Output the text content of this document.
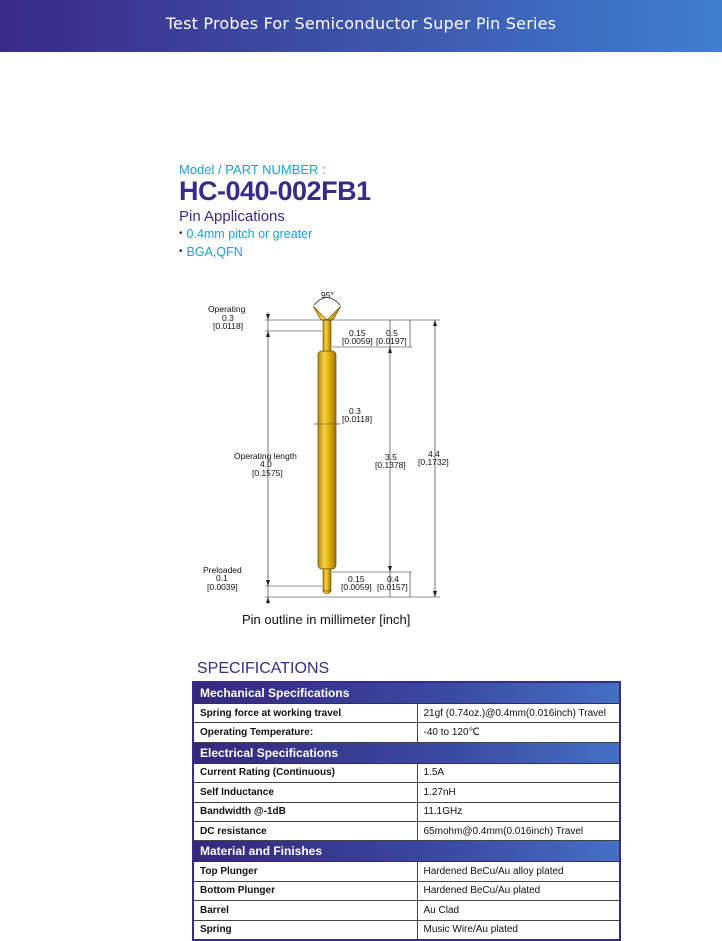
Test Probes For Semiconductor Super Pin Series
Model / PART NUMBER :
HC-040-002FB1
Pin Applications
• 0.4mm pitch or greater
• BGA,QFN
95°
Operating
0.3
[0.0118]
0.15
[0.0059]
0.5
[0.0197]
0.3
[0.0118]
Operating length
4.0
[0.1575]
3.5
[0.1378]
4.4
[0.1732]
Preloaded
0.1
[0.0039]
0.15
[0.0059]
0.4
[0.0157]
Pin outline in millimeter [inch]
SPECIFICATIONS
Mechanical Specifications	
Spring force at working travel	21gf (0.74oz.)@0.4mm(0.016inch) Travel
Operating Temperature:	-40 to 120℃
Electrical Specifications	
Current Rating (Continuous)	1.5A
Self Inductance	1.27nH
Bandwidth @-1dB	11.1GHz
DC resistance	65mohm@0.4mm(0.016inch) Travel
Material and Finishes	
Top Plunger	Hardened BeCu/Au alloy plated
Bottom Plunger	Hardened BeCu/Au plated
Barrel	Au Clad
Spring	Music Wire/Au plated
